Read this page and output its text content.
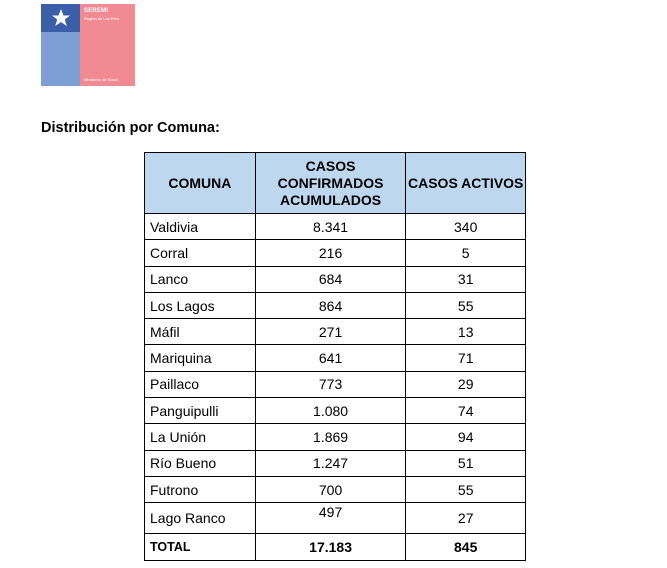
SEREMI
Región de Los Ríos
Ministerio de Salud
Distribución por Comuna:
COMUNA	CASOS CONFIRMADOS ACUMULADOS	CASOS ACTIVOS
Valdivia	8.341	340
Corral	216	5
Lanco	684	31
Los Lagos	864	55
Máfil	271	13
Mariquina	641	71
Paillaco	773	29
Panguipulli	1.080	74
La Unión	1.869	94
Río Bueno	1.247	51
Futrono	700	55
Lago Ranco	497	27
TOTAL	17.183	845
